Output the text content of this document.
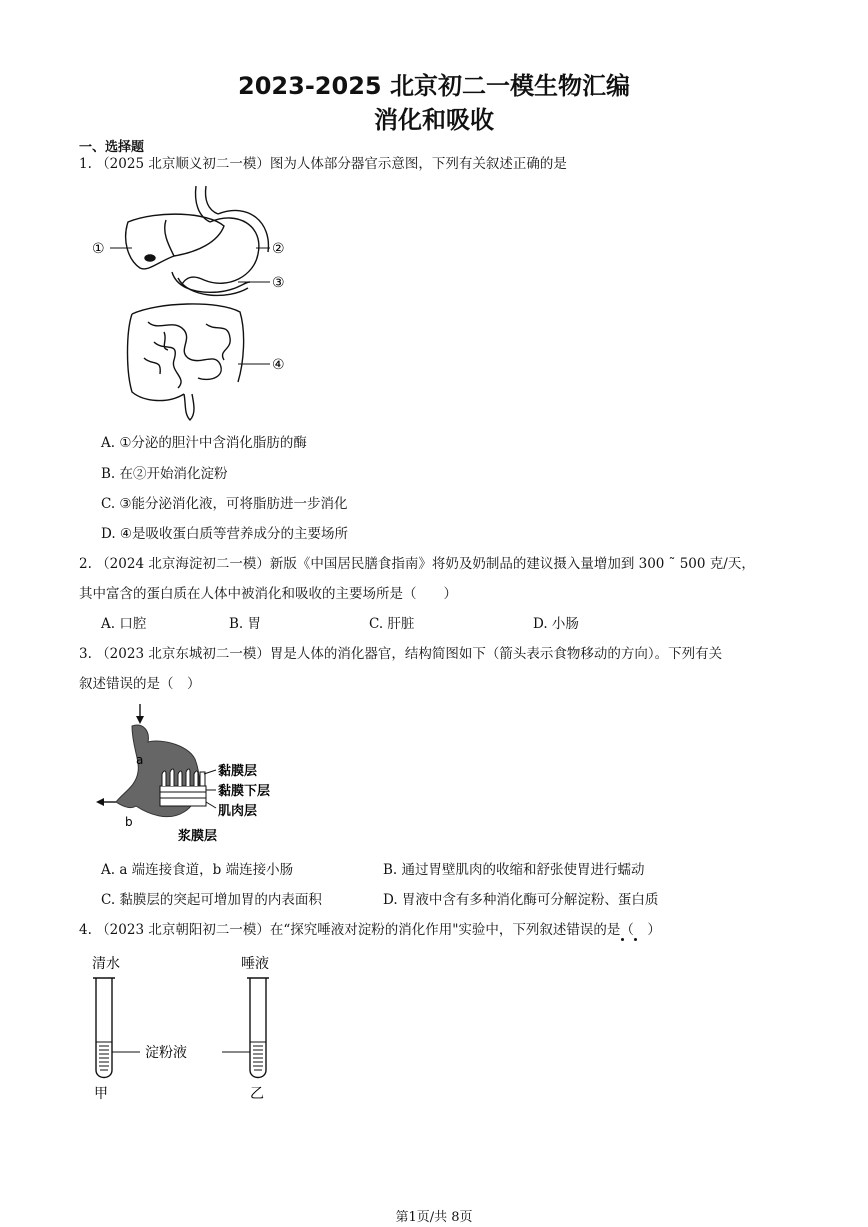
2023-2025 北京初二一模生物汇编
消化和吸收
一、选择题
1. （2025 北京顺义初二一模）图为人体部分器官示意图，下列有关叙述正确的是
①	②
③
④
A. ①分泌的胆汁中含消化脂肪的酶
B. 在②开始消化淀粉
C. ③能分泌消化液，可将脂肪进一步消化
D. ④是吸收蛋白质等营养成分的主要场所
2. （2024 北京海淀初二一模）新版《中国居民膳食指南》将奶及奶制品的建议摄入量增加到 300 ˜ 500 克/天，
其中富含的蛋白质在人体中被消化和吸收的主要场所是（　　）
A. 口腔	B. 胃	C. 肝脏	D. 小肠
3. （2023 北京东城初二一模）胃是人体的消化器官，结构简图如下（箭头表示食物移动的方向）。下列有关
叙述错误的是（　）
a
b
黏膜层
黏膜下层
肌肉层
浆膜层
A. a 端连接食道，b 端连接小肠	B. 通过胃壁肌肉的收缩和舒张使胃进行蠕动
C. 黏膜层的突起可增加胃的内表面积	D. 胃液中含有多种消化酶可分解淀粉、蛋白质
4. （2023 北京朝阳初二一模）在“探究唾液对淀粉的消化作用"实验中，下列叙述错误的是（　）
清水	唾液
淀粉液
甲	乙
第1页/共 8页
